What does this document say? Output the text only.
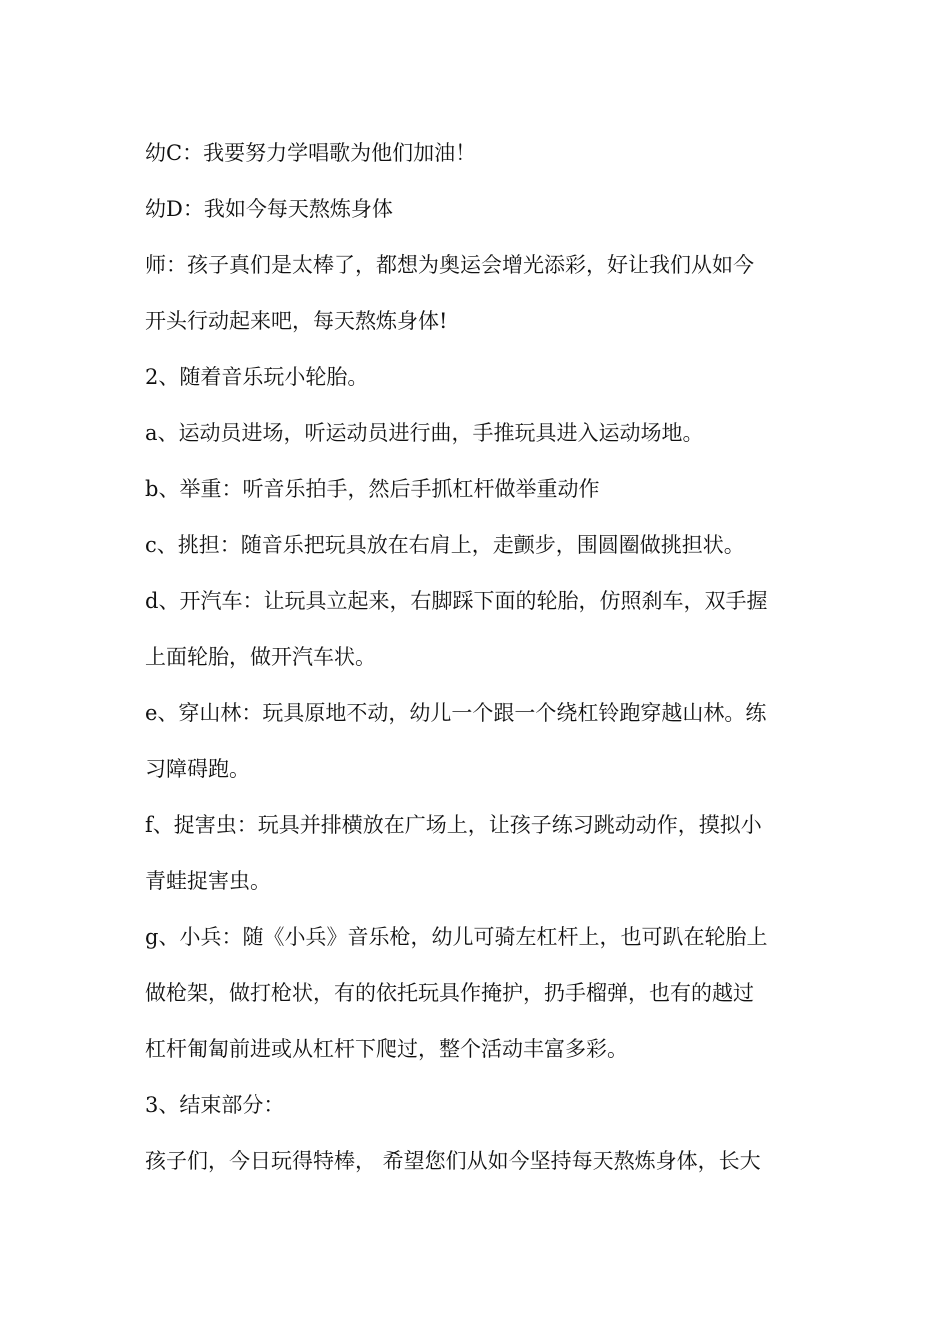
幼C：我要努力学唱歌为他们加油！

幼D：我如今每天熬炼身体

师：孩子真们是太棒了，都想为奥运会增光添彩，好让我们从如今

开头行动起来吧，每天熬炼身体!

2、随着音乐玩小轮胎。

a、运动员进场，听运动员进行曲，手推玩具进入运动场地。

b、举重：听音乐拍手，然后手抓杠杆做举重动作

c、挑担：随音乐把玩具放在右肩上，走颤步，围圆圈做挑担状。

d、开汽车：让玩具立起来，右脚踩下面的轮胎，仿照刹车，双手握

上面轮胎，做开汽车状。

e、穿山林：玩具原地不动，幼儿一个跟一个绕杠铃跑穿越山林。练

习障碍跑。

f、捉害虫：玩具并排横放在广场上，让孩子练习跳动动作，摸拟小

青蛙捉害虫。

g、小兵：随《小兵》音乐枪，幼儿可骑左杠杆上，也可趴在轮胎上

做枪架，做打枪状，有的依托玩具作掩护，扔手榴弹，也有的越过

杠杆匍匐前进或从杠杆下爬过，整个活动丰富多彩。

3、结束部分：

孩子们，今日玩得特棒， 希望您们从如今坚持每天熬炼身体，长大
